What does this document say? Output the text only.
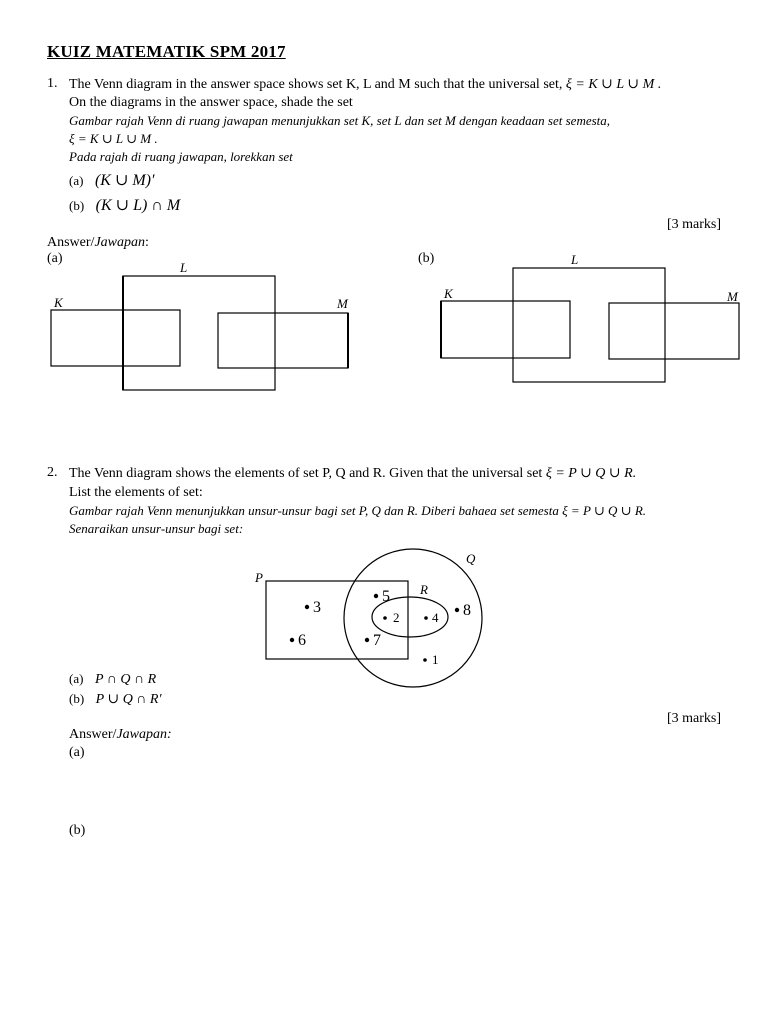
KUIZ MATEMATIK SPM 2017
1. The Venn diagram in the answer space shows set K, L and M such that the universal set, ξ = K ∪ L ∪ M .
On the diagrams in the answer space, shade the set
Gambar rajah Venn di ruang jawapan menunjukkan set K, set L dan set M dengan keadaan set semesta,
ξ = K ∪ L ∪ M .
Pada rajah di ruang jawapan, lorekkan set
(a) (K ∪ M)′
(b) (K ∪ L) ∩ M
[3 marks]
Answer/Jawapan:
(a)	(b)
K
L
M
K
L
M
2. The Venn diagram shows the elements of set P, Q and R. Given that the universal set ξ = P ∪ Q ∪ R.
List the elements of set:
Gambar rajah Venn menunjukkan unsur-unsur bagi set P, Q dan R. Diberi bahaea set semesta ξ = P ∪ Q ∪ R.
Senaraikan unsur-unsur bagi set:
P
Q
R
3
6
5
7
2	4 8
1
(a) P ∩ Q ∩ R
(b) P ∪ Q ∩ R′
[3 marks]
Answer/Jawapan:
(a)
(b)
